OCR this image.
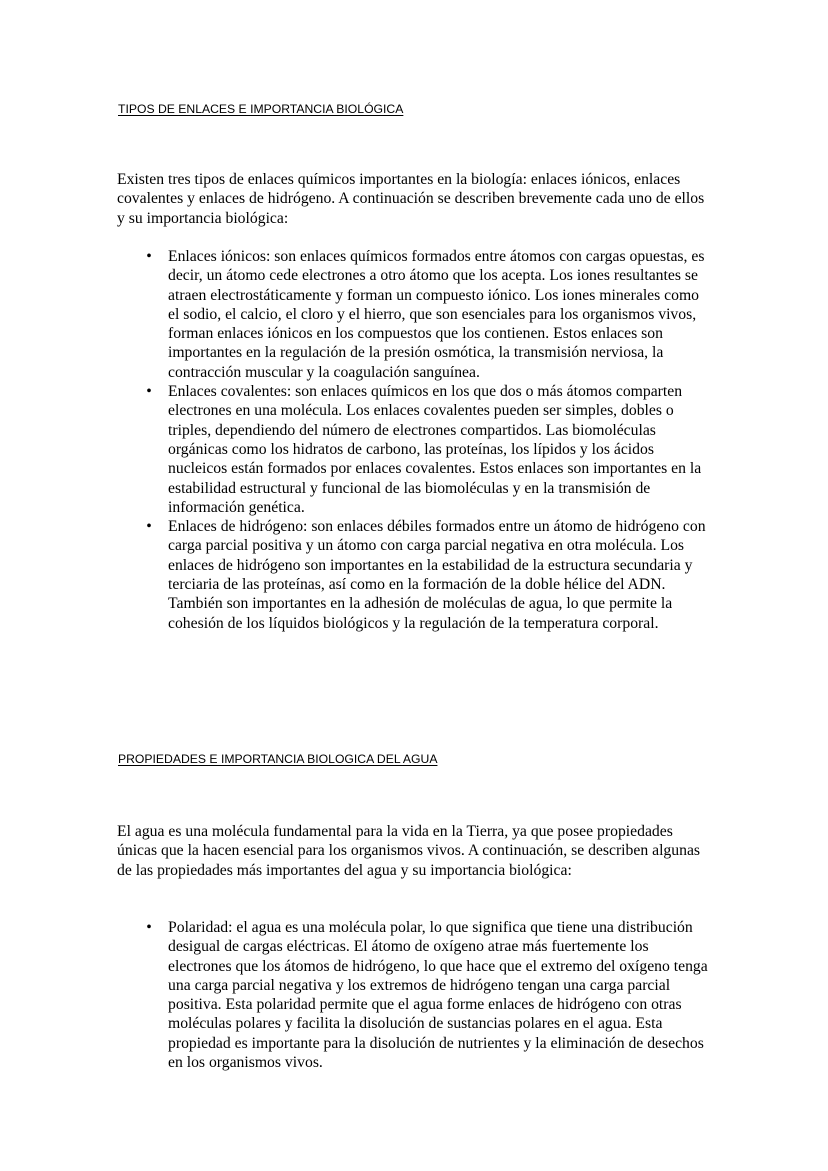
TIPOS DE ENLACES E IMPORTANCIA BIOLÓGICA

Existen tres tipos de enlaces químicos importantes en la biología: enlaces iónicos, enlaces covalentes y enlaces de hidrógeno. A continuación se describen brevemente cada uno de ellos y su importancia biológica:

• Enlaces iónicos: son enlaces químicos formados entre átomos con cargas opuestas, es decir, un átomo cede electrones a otro átomo que los acepta. Los iones resultantes se atraen electrostáticamente y forman un compuesto iónico. Los iones minerales como el sodio, el calcio, el cloro y el hierro, que son esenciales para los organismos vivos, forman enlaces iónicos en los compuestos que los contienen. Estos enlaces son importantes en la regulación de la presión osmótica, la transmisión nerviosa, la contracción muscular y la coagulación sanguínea.
• Enlaces covalentes: son enlaces químicos en los que dos o más átomos comparten electrones en una molécula. Los enlaces covalentes pueden ser simples, dobles o triples, dependiendo del número de electrones compartidos. Las biomoléculas orgánicas como los hidratos de carbono, las proteínas, los lípidos y los ácidos nucleicos están formados por enlaces covalentes. Estos enlaces son importantes en la estabilidad estructural y funcional de las biomoléculas y en la transmisión de información genética.
• Enlaces de hidrógeno: son enlaces débiles formados entre un átomo de hidrógeno con carga parcial positiva y un átomo con carga parcial negativa en otra molécula. Los enlaces de hidrógeno son importantes en la estabilidad de la estructura secundaria y terciaria de las proteínas, así como en la formación de la doble hélice del ADN. También son importantes en la adhesión de moléculas de agua, lo que permite la cohesión de los líquidos biológicos y la regulación de la temperatura corporal.
PROPIEDADES E IMPORTANCIA BIOLOGICA DEL AGUA

El agua es una molécula fundamental para la vida en la Tierra, ya que posee propiedades únicas que la hacen esencial para los organismos vivos. A continuación, se describen algunas de las propiedades más importantes del agua y su importancia biológica:

• Polaridad: el agua es una molécula polar, lo que significa que tiene una distribución desigual de cargas eléctricas. El átomo de oxígeno atrae más fuertemente los electrones que los átomos de hidrógeno, lo que hace que el extremo del oxígeno tenga una carga parcial negativa y los extremos de hidrógeno tengan una carga parcial positiva. Esta polaridad permite que el agua forme enlaces de hidrógeno con otras moléculas polares y facilita la disolución de sustancias polares en el agua. Esta propiedad es importante para la disolución de nutrientes y la eliminación de desechos en los organismos vivos.
